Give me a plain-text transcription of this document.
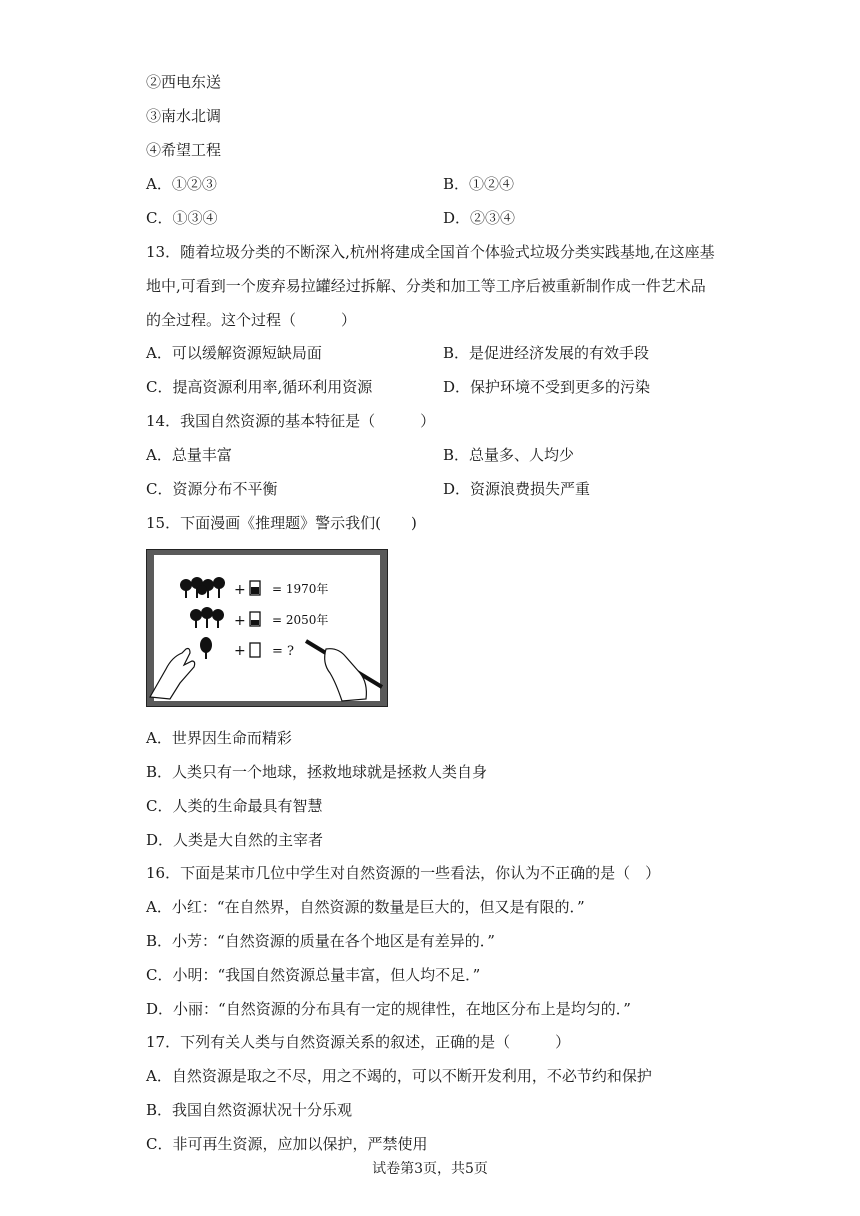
②西电东送
③南水北调
④希望工程
A．①②③	B．①②④
C．①③④	D．②③④
13．随着垃圾分类的不断深入,杭州将建成全国首个体验式垃圾分类实践基地,在这座基
地中,可看到一个废弃易拉罐经过拆解、分类和加工等工序后被重新制作成一件艺术品
的全过程。这个过程（　　　）
A．可以缓解资源短缺局面	B．是促进经济发展的有效手段
C．提高资源利用率,循环利用资源	D．保护环境不受到更多的污染
14．我国自然资源的基本特征是（　　　）
A．总量丰富	B．总量多、人均少
C．资源分布不平衡	D．资源浪费损失严重
15．下面漫画《推理题》警示我们(　　)
+ = 1970年
+ = 2050年
+ = ?
A．世界因生命而精彩
B．人类只有一个地球，拯救地球就是拯救人类自身
C．人类的生命最具有智慧
D．人类是大自然的主宰者
16．下面是某市几位中学生对自然资源的一些看法，你认为不正确的是（　）
A．小红：“在自然界，自然资源的数量是巨大的，但又是有限的．”
B．小芳：“自然资源的质量在各个地区是有差异的．”
C．小明：“我国自然资源总量丰富，但人均不足．”
D．小丽：“自然资源的分布具有一定的规律性，在地区分布上是均匀的．”
17．下列有关人类与自然资源关系的叙述，正确的是（　　　）
A．自然资源是取之不尽，用之不竭的，可以不断开发利用，不必节约和保护
B．我国自然资源状况十分乐观
C．非可再生资源，应加以保护，严禁使用
试卷第3页，共5页
